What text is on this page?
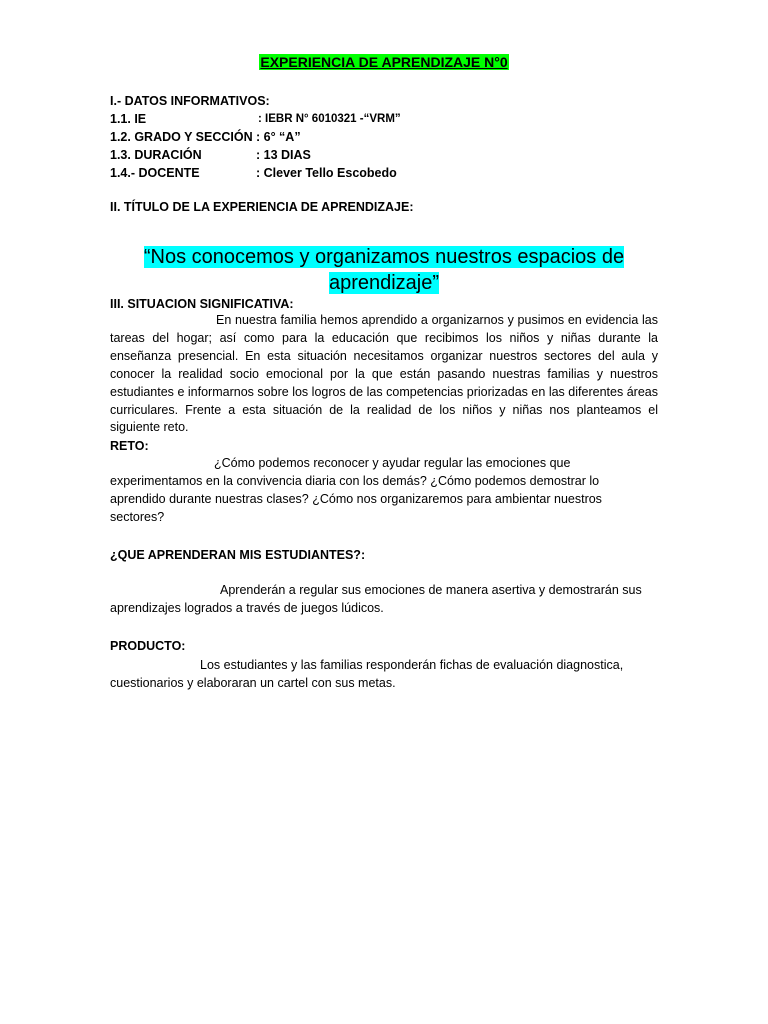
EXPERIENCIA DE APRENDIZAJE N°0
I.- DATOS INFORMATIVOS:
1.1. IE	: IEBR N° 6010321 -“VRM”
1.2. GRADO Y SECCIÓN : 6° “A”
1.3. DURACIÓN	: 13 DIAS
1.4.- DOCENTE	: Clever Tello Escobedo
II. TÍTULO DE LA EXPERIENCIA DE APRENDIZAJE:
“Nos conocemos y organizamos nuestros espacios de
aprendizaje”
III. SITUACION SIGNIFICATIVA:
En nuestra familia hemos aprendido a organizarnos y pusimos en evidencia las tareas del hogar; así como para la educación que recibimos los niños y niñas durante la enseñanza presencial. En esta situación necesitamos organizar nuestros sectores del aula y conocer la realidad socio emocional por la que están pasando nuestras familias y nuestros estudiantes e informarnos sobre los logros de las competencias priorizadas en las diferentes áreas curriculares. Frente a esta situación de la realidad de los niños y niñas nos planteamos el siguiente reto.
RETO:
¿Cómo podemos reconocer y ayudar regular las emociones que experimentamos en la convivencia diaria con los demás? ¿Cómo podemos demostrar lo aprendido durante nuestras clases? ¿Cómo nos organizaremos para ambientar nuestros sectores?
¿QUE APRENDERAN MIS ESTUDIANTES?:
Aprenderán a regular sus emociones de manera asertiva y demostrarán sus aprendizajes logrados a través de juegos lúdicos.
PRODUCTO:
Los estudiantes y las familias responderán fichas de evaluación diagnostica, cuestionarios y elaboraran un cartel con sus metas.
